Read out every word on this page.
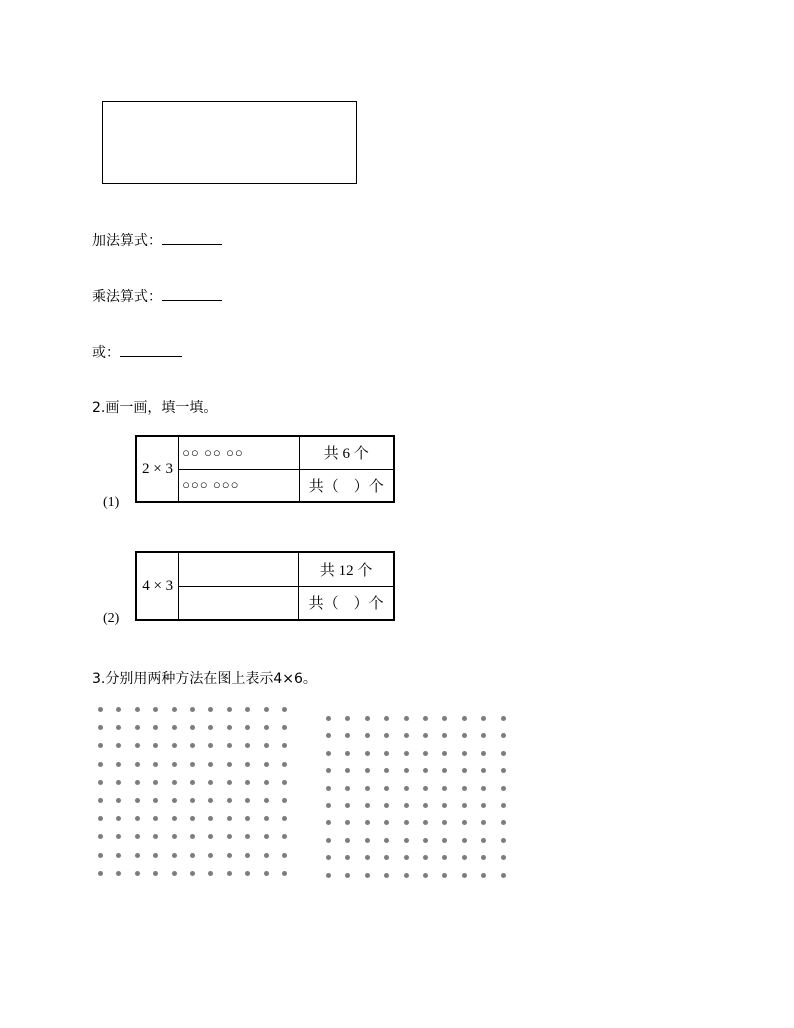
加法算式：
乘法算式：
或：
2.画一画，填一填。
(1)
2 × 3	○○ ○○ ○○	共 6 个
	○○○ ○○○	共（　）个
(2)
4 × 3		共 12 个
		共（　）个
3.分别用两种方法在图上表示4×6。
